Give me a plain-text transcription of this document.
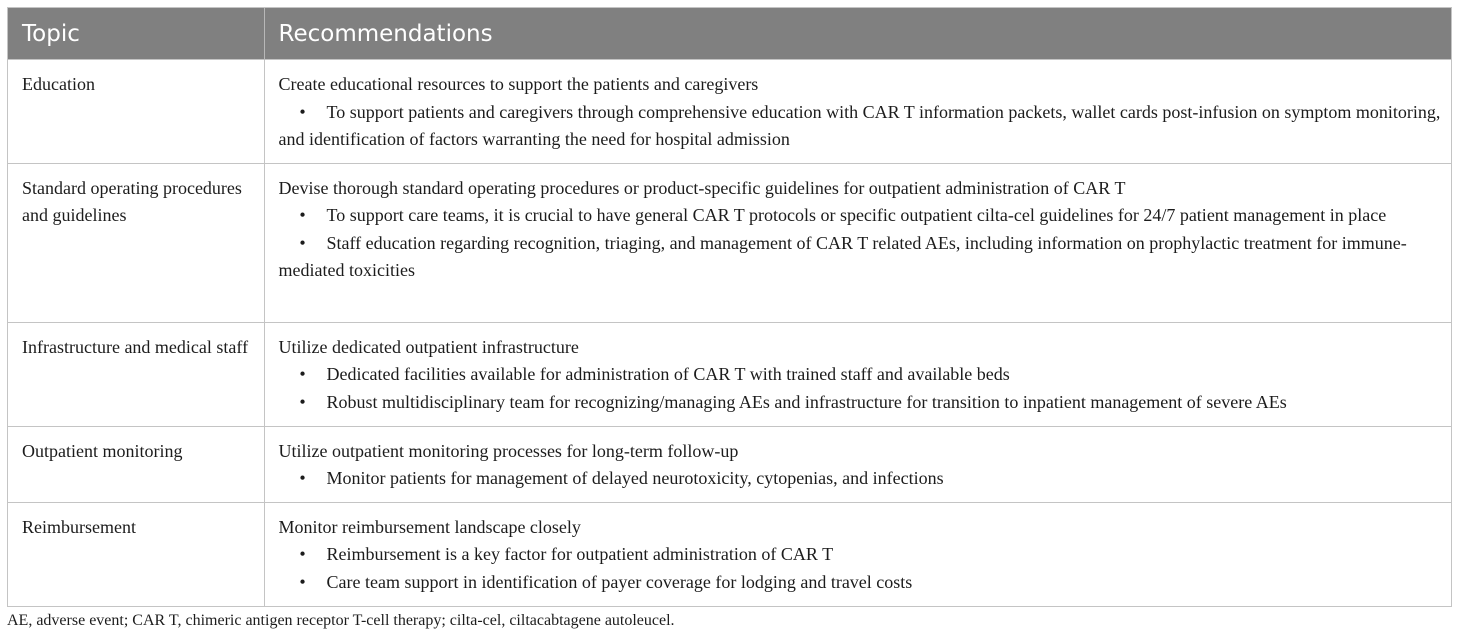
Topic	Recommendations
Education	Create educational resources to support the patients and caregivers
• To support patients and caregivers through comprehensive education with CAR T information packets, wallet cards post-infusion on symptom monitoring, and identification of factors warranting the need for hospital admission

Standard operating procedures and guidelines	Devise thorough standard operating procedures or product-specific guidelines for outpatient administration of CAR T
• To support care teams, it is crucial to have general CAR T protocols or specific outpatient cilta-cel guidelines for 24/7 patient management in place
• Staff education regarding recognition, triaging, and management of CAR T related AEs, including information on prophylactic treatment for immune-mediated toxicities

Infrastructure and medical staff	Utilize dedicated outpatient infrastructure
• Dedicated facilities available for administration of CAR T with trained staff and available beds
• Robust multidisciplinary team for recognizing/managing AEs and infrastructure for transition to inpatient management of severe AEs

Outpatient monitoring	Utilize outpatient monitoring processes for long-term follow-up
• Monitor patients for management of delayed neurotoxicity, cytopenias, and infections

Reimbursement	Monitor reimbursement landscape closely
• Reimbursement is a key factor for outpatient administration of CAR T
• Care team support in identification of payer coverage for lodging and travel costs
AE, adverse event; CAR T, chimeric antigen receptor T-cell therapy; cilta-cel, ciltacabtagene autoleucel.
